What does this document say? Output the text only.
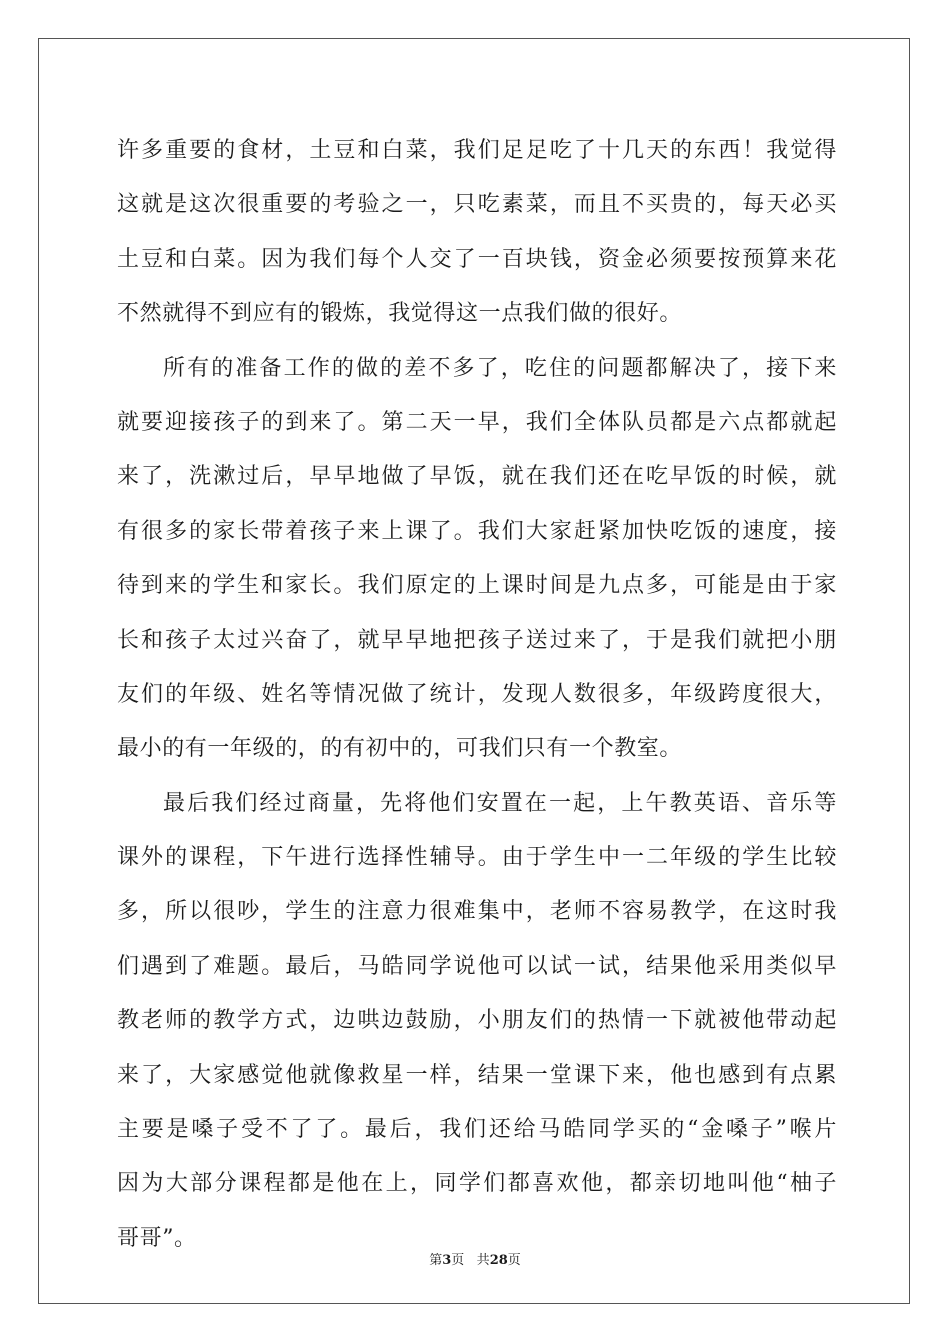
许多重要的食材，土豆和白菜，我们足足吃了十几天的东西！我觉得
这就是这次很重要的考验之一，只吃素菜，而且不买贵的，每天必买
土豆和白菜。因为我们每个人交了一百块钱，资金必须要按预算来花
不然就得不到应有的锻炼，我觉得这一点我们做的很好。
所有的准备工作的做的差不多了，吃住的问题都解决了，接下来
就要迎接孩子的到来了。第二天一早，我们全体队员都是六点都就起
来了，洗漱过后，早早地做了早饭，就在我们还在吃早饭的时候，就
有很多的家长带着孩子来上课了。我们大家赶紧加快吃饭的速度，接
待到来的学生和家长。我们原定的上课时间是九点多，可能是由于家
长和孩子太过兴奋了，就早早地把孩子送过来了，于是我们就把小朋
友们的年级、姓名等情况做了统计，发现人数很多，年级跨度很大，
最小的有一年级的，的有初中的，可我们只有一个教室。
最后我们经过商量，先将他们安置在一起，上午教英语、音乐等
课外的课程，下午进行选择性辅导。由于学生中一二年级的学生比较
多，所以很吵，学生的注意力很难集中，老师不容易教学，在这时我
们遇到了难题。最后，马皓同学说他可以试一试，结果他采用类似早
教老师的教学方式，边哄边鼓励，小朋友们的热情一下就被他带动起
来了，大家感觉他就像救星一样，结果一堂课下来，他也感到有点累
主要是嗓子受不了了。最后，我们还给马皓同学买的“金嗓子”喉片
因为大部分课程都是他在上，同学们都喜欢他，都亲切地叫他“柚子
哥哥”。
第3页 共28页
